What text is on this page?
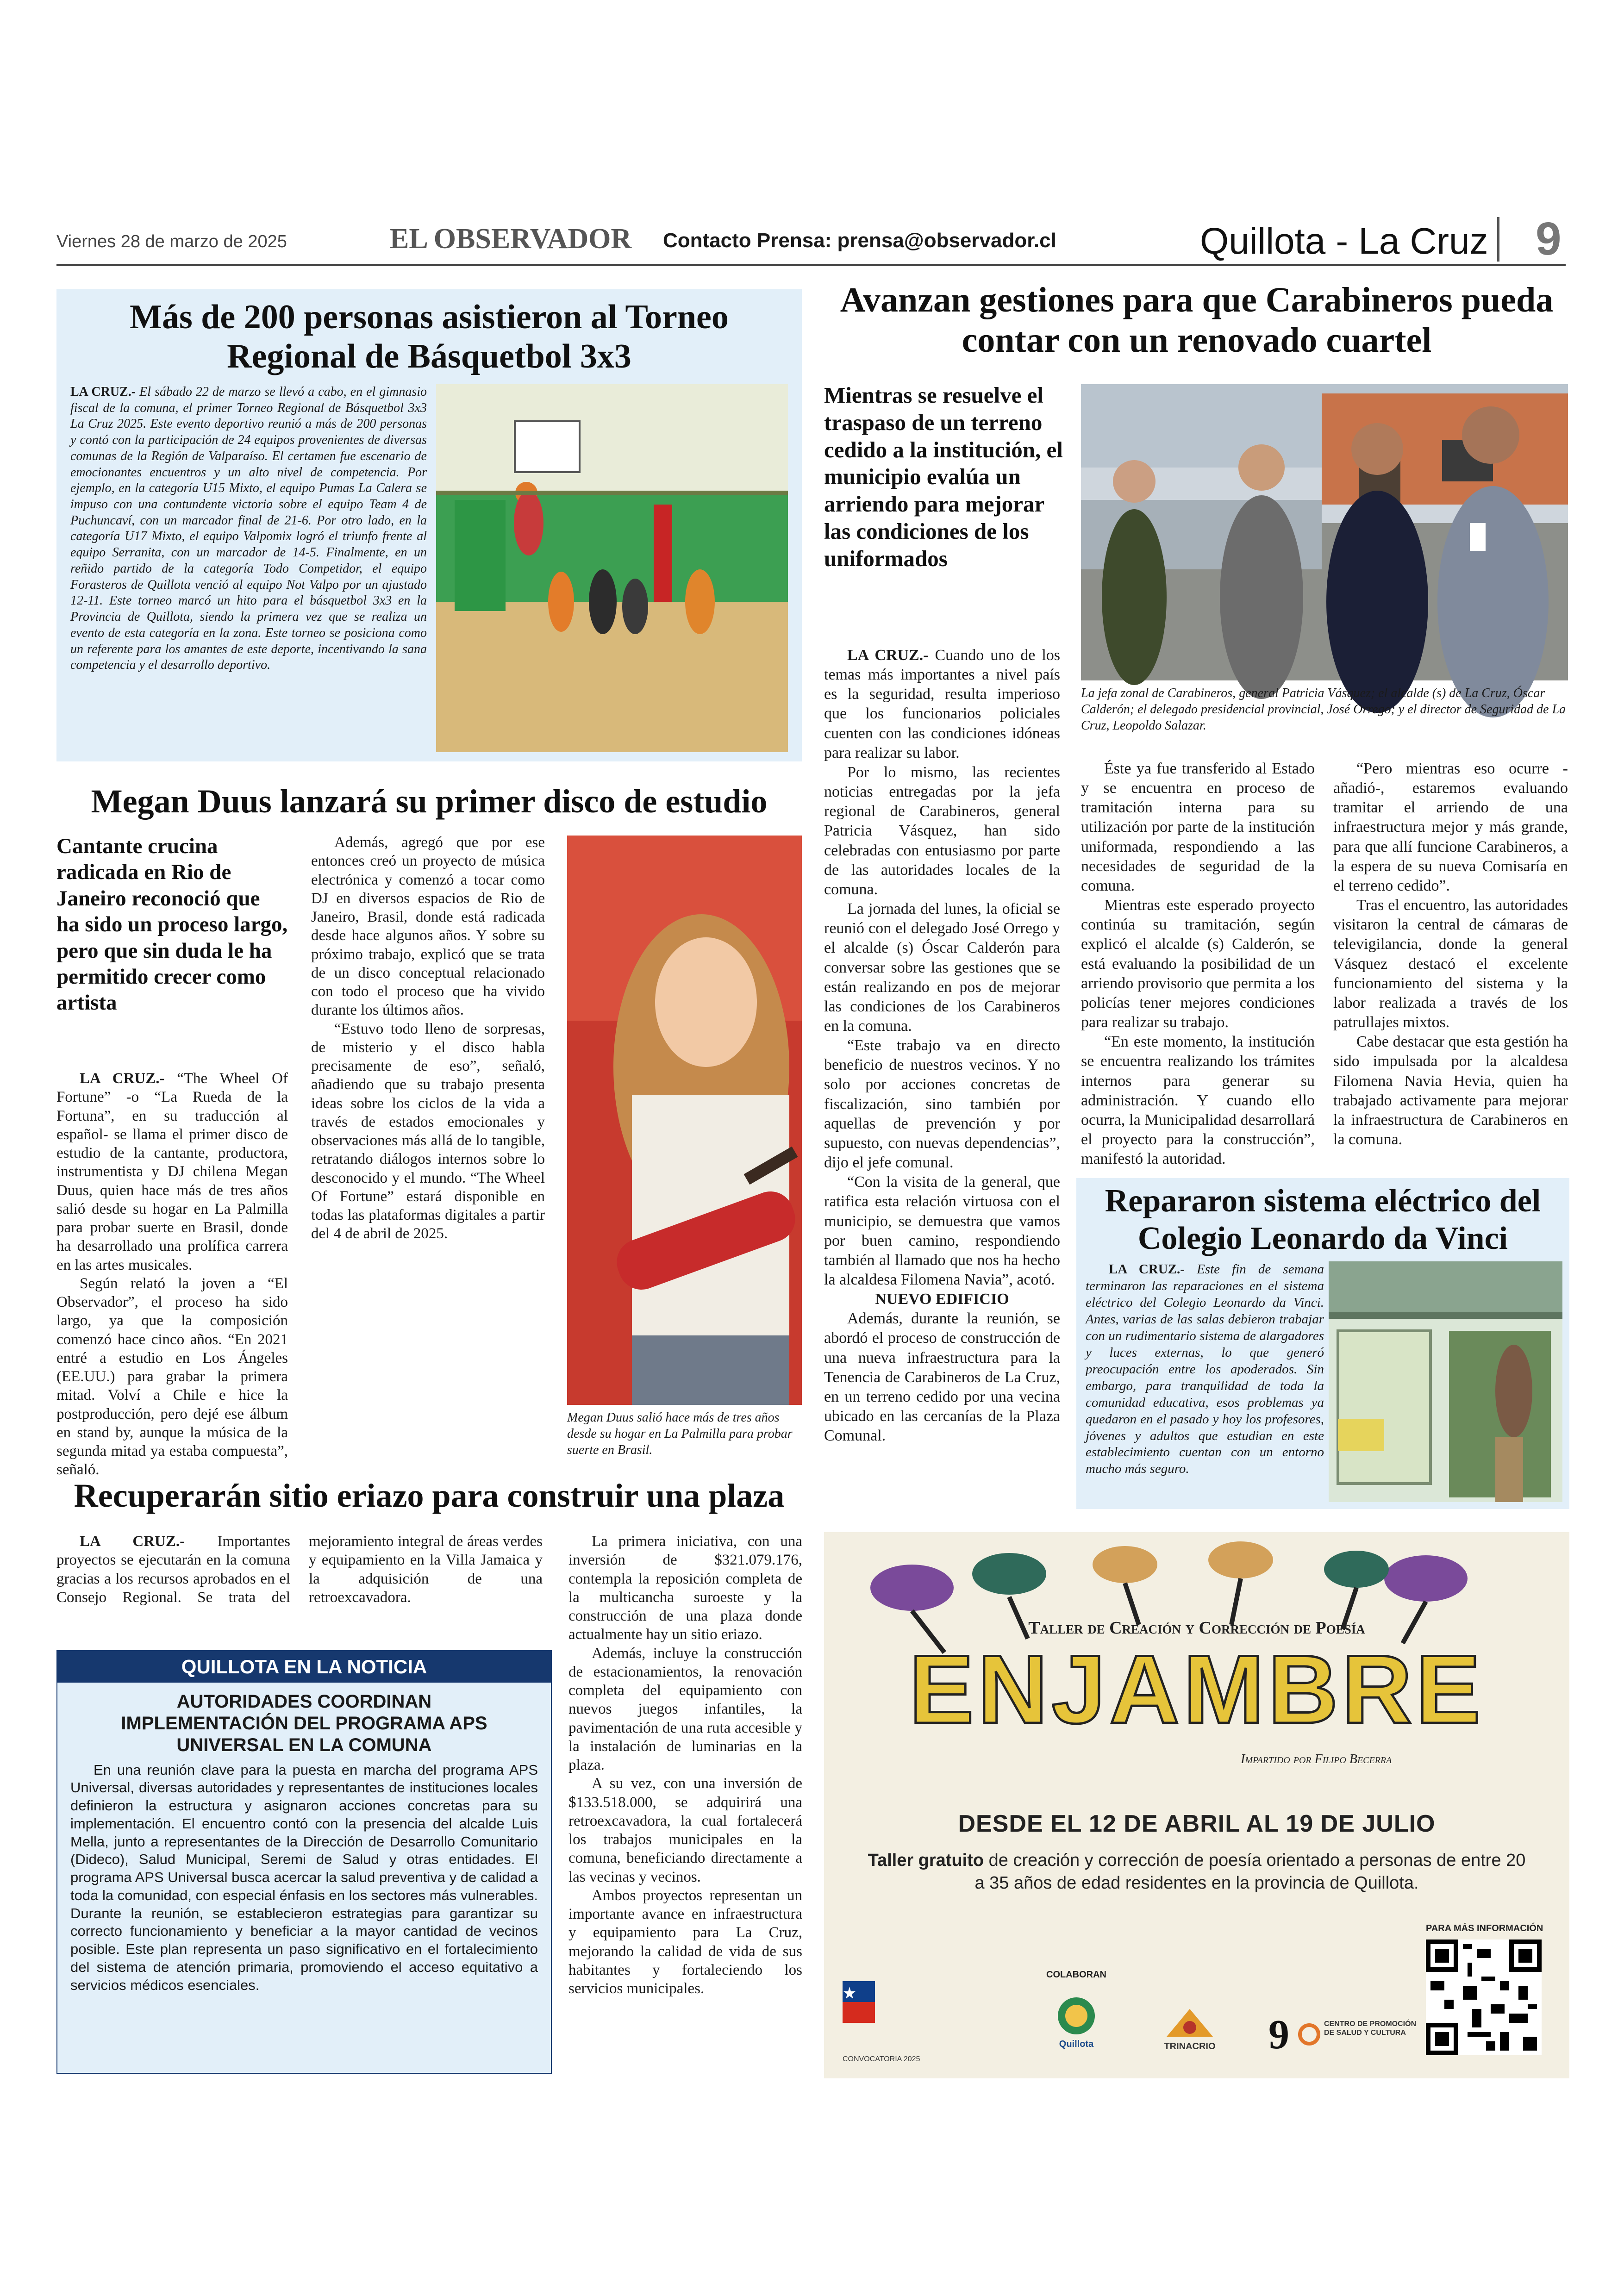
Viernes 28 de marzo de 2025	EL OBSERVADOR Contacto Prensa: prensa@observador.cl	Quillota - La Cruz 9
Más de 200 personas asistieron al Torneo Regional de Básquetbol 3x3

LA CRUZ.- El sábado 22 de marzo se llevó a cabo, en el gimnasio fiscal de la comuna, el primer Torneo Regional de Básquetbol 3x3 La Cruz 2025. Este evento deportivo reunió a más de 200 personas y contó con la participación de 24 equipos provenientes de diversas comunas de la Región de Valparaíso. El certamen fue escenario de emocionantes encuentros y un alto nivel de competencia. Por ejemplo, en la categoría U15 Mixto, el equipo Pumas La Calera se impuso con una contundente victoria sobre el equipo Team 4 de Puchuncaví, con un marcador final de 21-6. Por otro lado, en la categoría U17 Mixto, el equipo Valpomix logró el triunfo frente al equipo Serranita, con un marcador de 14-5. Finalmente, en un reñido partido de la categoría Todo Competidor, el equipo Forasteros de Quillota venció al equipo Not Valpo por un ajustado 12-11. Este torneo marcó un hito para el básquetbol 3x3 en la Provincia de Quillota, siendo la primera vez que se realiza un evento de esta categoría en la zona. Este torneo se posiciona como un referente para los amantes de este deporte, incentivando la sana competencia y el desarrollo deportivo.

Avanzan gestiones para que Carabineros pueda contar con un renovado cuartel
Mientras se resuelve el traspaso de un terreno cedido a la institución, el municipio evalúa un arriendo para mejorar las condiciones de los uniformados
La jefa zonal de Carabineros, general Patricia Vásquez; el alcalde (s) de La Cruz, Óscar Calderón; el delegado presidencial provincial, José Orrego; y el director de Seguridad de La Cruz, Leopoldo Salazar.

LA CRUZ.- Cuando uno de los temas más importantes a nivel país es la seguridad, resulta imperioso que los funcionarios policiales cuenten con las condiciones idóneas para realizar su labor.

Por lo mismo, las recientes noticias entregadas por la jefa regional de Carabineros, general Patricia Vásquez, han sido celebradas con entusiasmo por parte de las autoridades locales de la comuna.

La jornada del lunes, la oficial se reunió con el delegado José Orrego y el alcalde (s) Óscar Calderón para conversar sobre las gestiones que se están realizando en pos de mejorar las condiciones de los Carabineros en la comuna.

“Este trabajo va en directo beneficio de nuestros vecinos. Y no solo por acciones concretas de fiscalización, sino también por aquellas de prevención y por supuesto, con nuevas dependencias”, dijo el jefe comunal.

“Con la visita de la general, que ratifica esta relación virtuosa con el municipio, se demuestra que vamos por buen camino, respondiendo también al llamado que nos ha hecho la alcaldesa Filomena Navia”, acotó.

NUEVO EDIFICIO

Además, durante la reunión, se abordó el proceso de construcción de una nueva infraestructura para la Tenencia de Carabineros de La Cruz, en un terreno cedido por una vecina ubicado en las cercanías de la Plaza Comunal.

Éste ya fue transferido al Estado y se encuentra en proceso de tramitación interna para su utilización por parte de la institución uniformada, respondiendo a las necesidades de seguridad de la comuna.

Mientras este esperado proyecto continúa su tramitación, según explicó el alcalde (s) Calderón, se está evaluando la posibilidad de un arriendo provisorio que permita a los policías tener mejores condiciones para realizar su trabajo.

“En este momento, la institución se encuentra realizando los trámites internos para generar su administración. Y cuando ello ocurra, la Municipalidad desarrollará el proyecto para la construcción”, manifestó la autoridad.

“Pero mientras eso ocurre -añadió-, estaremos evaluando tramitar el arriendo de una infraestructura mejor y más grande, para que allí funcione Carabineros, a la espera de su nueva Comisaría en el terreno cedido”.

Tras el encuentro, las autoridades visitaron la central de cámaras de televigilancia, donde la general Vásquez destacó el excelente funcionamiento del sistema y la labor realizada a través de los patrullajes mixtos.

Cabe destacar que esta gestión ha sido impulsada por la alcaldesa Filomena Navia Hevia, quien ha trabajado activamente para mejorar la infraestructura de Carabineros en la comuna.

Megan Duus lanzará su primer disco de estudio
Cantante crucina radicada en Rio de Janeiro reconoció que ha sido un proceso largo, pero que sin duda le ha permitido crecer como artista

LA CRUZ.- “The Wheel Of Fortune” -o “La Rueda de la Fortuna”, en su traducción al español- se llama el primer disco de estudio de la cantante, productora, instrumentista y DJ chilena Megan Duus, quien hace más de tres años salió desde su hogar en La Palmilla para probar suerte en Brasil, donde ha desarrollado una prolífica carrera en las artes musicales.

Según relató la joven a “El Observador”, el proceso ha sido largo, ya que la composición comenzó hace cinco años. “En 2021 entré a estudio en Los Ángeles (EE.UU.) para grabar la primera mitad. Volví a Chile e hice la postproducción, pero dejé ese álbum en stand by, aunque la música de la segunda mitad ya estaba compuesta”, señaló.

Además, agregó que por ese entonces creó un proyecto de música electrónica y comenzó a tocar como DJ en diversos espacios de Rio de Janeiro, Brasil, donde está radicada desde hace algunos años. Y sobre su próximo trabajo, explicó que se trata de un disco conceptual relacionado con todo el proceso que ha vivido durante los últimos años.

“Estuvo todo lleno de sorpresas, de misterio y el disco habla precisamente de eso”, señaló, añadiendo que su trabajo presenta ideas sobre los ciclos de la vida a través de estados emocionales y observaciones más allá de lo tangible, retratando diálogos internos sobre lo desconocido y el mundo. “The Wheel Of Fortune” estará disponible en todas las plataformas digitales a partir del 4 de abril de 2025.

Megan Duus salió hace más de tres años desde su hogar en La Palmilla para probar suerte en Brasil.
Repararon sistema eléctrico del Colegio Leonardo da Vinci

LA CRUZ.- Este fin de semana terminaron las reparaciones en el sistema eléctrico del Colegio Leonardo da Vinci. Antes, varias de las salas debieron trabajar con un rudimentario sistema de alargadores y luces externas, lo que generó preocupación entre los apoderados. Sin embargo, para tranquilidad de toda la comunidad educativa, esos problemas ya quedaron en el pasado y hoy los profesores, jóvenes y adultos que estudian en este establecimiento cuentan con un entorno mucho más seguro.

Recuperarán sitio eriazo para construir una plaza

LA CRUZ.- Importantes proyectos se ejecutarán en la comuna gracias a los recursos aprobados en el Consejo Regional. Se trata del mejoramiento integral de áreas verdes y equipamiento en la Villa Jamaica y la adquisición de una retroexcavadora.

La primera iniciativa, con una inversión de $321.079.176, contempla la reposición completa de la multicancha suroeste y la construcción de una plaza donde actualmente hay un sitio eriazo.

Además, incluye la construcción de estacionamientos, la renovación completa del equipamiento con nuevos juegos infantiles, la pavimentación de una ruta accesible y la instalación de luminarias en la plaza.

A su vez, con una inversión de $133.518.000, se adquirirá una retroexcavadora, la cual fortalecerá los trabajos municipales en la comuna, beneficiando directamente a las vecinas y vecinos.

Ambos proyectos representan un importante avance en infraestructura y equipamiento para La Cruz, mejorando la calidad de vida de sus habitantes y fortaleciendo los servicios municipales.

QUILLOTA EN LA NOTICIA
AUTORIDADES COORDINAN IMPLEMENTACIÓN DEL PROGRAMA APS UNIVERSAL EN LA COMUNA
En una reunión clave para la puesta en marcha del programa APS Universal, diversas autoridades y representantes de instituciones locales definieron la estructura y asignaron acciones concretas para su implementación. El encuentro contó con la presencia del alcalde Luis Mella, junto a representantes de la Dirección de Desarrollo Comunitario (Dideco), Salud Municipal, Seremi de Salud y otras entidades. El programa APS Universal busca acercar la salud preventiva y de calidad a toda la comunidad, con especial énfasis en los sectores más vulnerables. Durante la reunión, se establecieron estrategias para garantizar su correcto funcionamiento y beneficiar a la mayor cantidad de vecinos posible. Este plan representa un paso significativo en el fortalecimiento del sistema de atención primaria, promoviendo el acceso equitativo a servicios médicos esenciales.
Taller de Creación y Corrección de Poesía
ENJAMBRE
Impartido por Filipo Becerra
DESDE EL 12 DE ABRIL AL 19 DE JULIO
Taller gratuito de creación y corrección de poesía orientado a personas de entre 20 a 35 años de edad residentes en la provincia de Quillota.
PARA MÁS INFORMACIÓN
COLABORAN
CONVOCATORIA 2025
Quillota	TRINACRIO	9	CENTRO DE PROMOCIÓN DE SALUD Y CULTURA
